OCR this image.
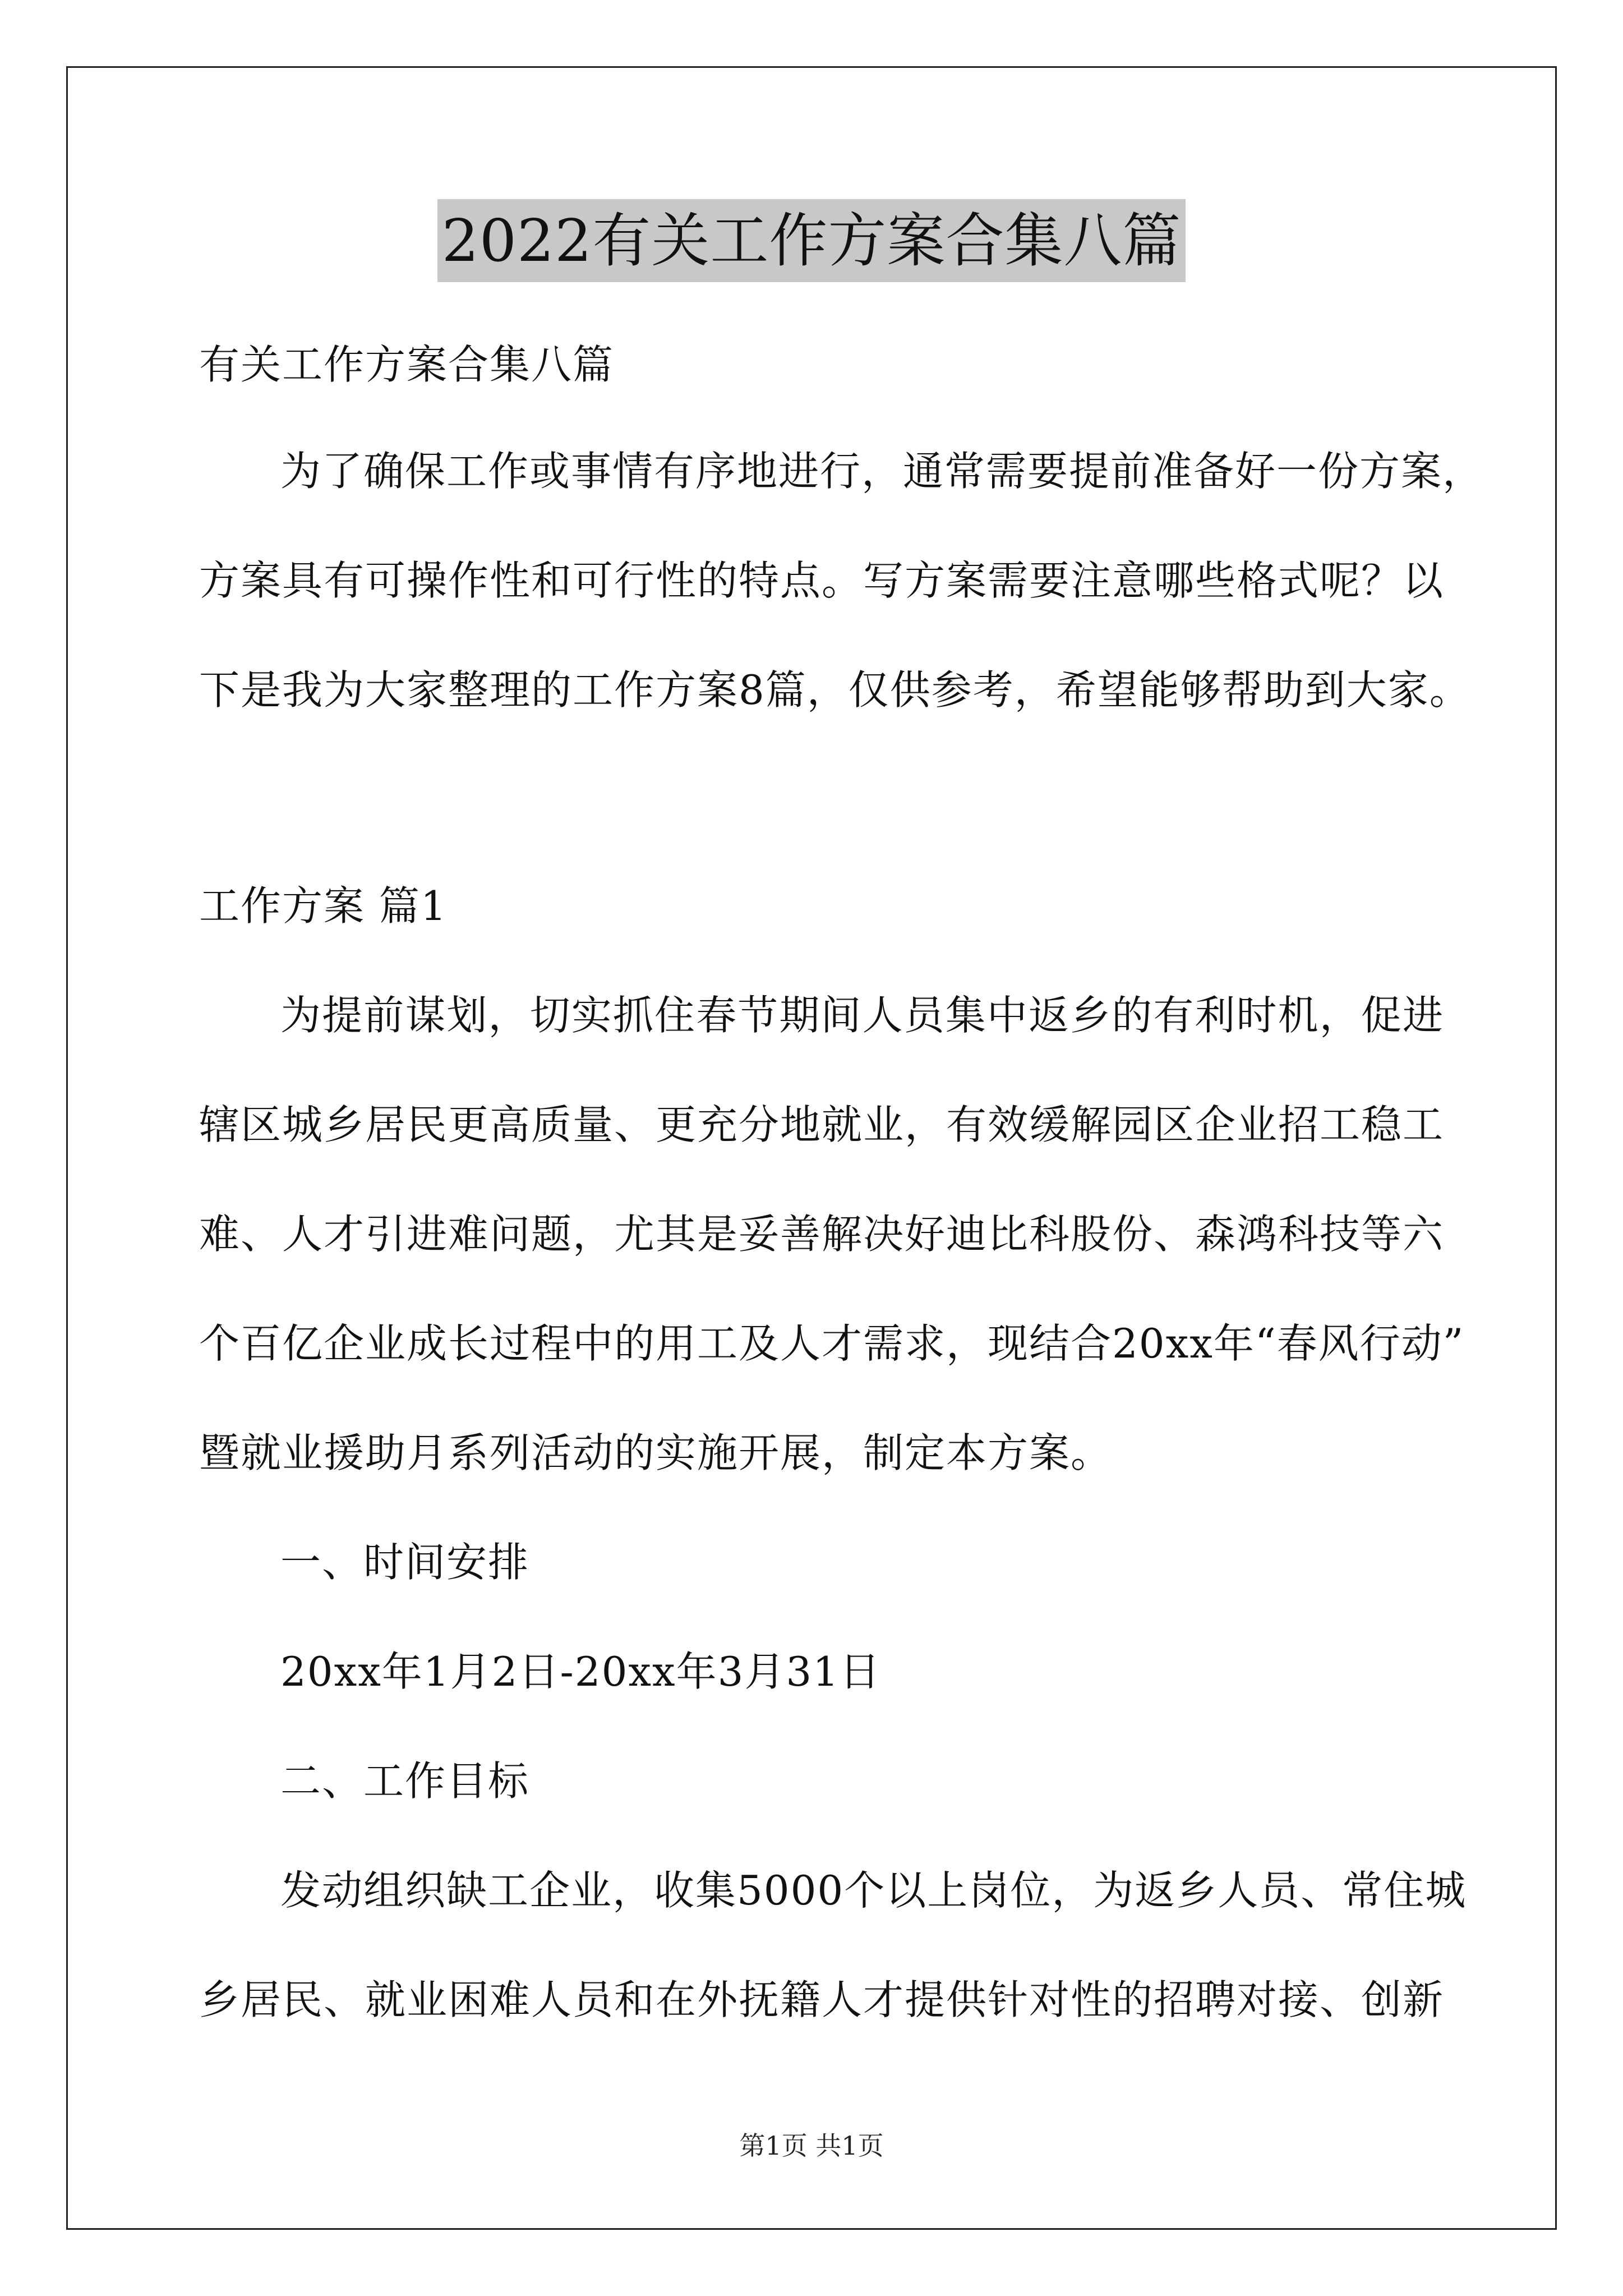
2022有关工作方案合集八篇
有关工作方案合集八篇
为了确保工作或事情有序地进行，通常需要提前准备好一份方案，
方案具有可操作性和可行性的特点。写方案需要注意哪些格式呢？以
下是我为大家整理的工作方案8篇，仅供参考，希望能够帮助到大家。
工作方案 篇1
为提前谋划，切实抓住春节期间人员集中返乡的有利时机，促进
辖区城乡居民更高质量、更充分地就业，有效缓解园区企业招工稳工
难、人才引进难问题，尤其是妥善解决好迪比科股份、森鸿科技等六
个百亿企业成长过程中的用工及人才需求，现结合20xx年“春风行动”
暨就业援助月系列活动的实施开展，制定本方案。
一、时间安排
20xx年1月2日-20xx年3月31日
二、工作目标
发动组织缺工企业，收集5000个以上岗位，为返乡人员、常住城
乡居民、就业困难人员和在外抚籍人才提供针对性的招聘对接、创新
第1页 共1页
